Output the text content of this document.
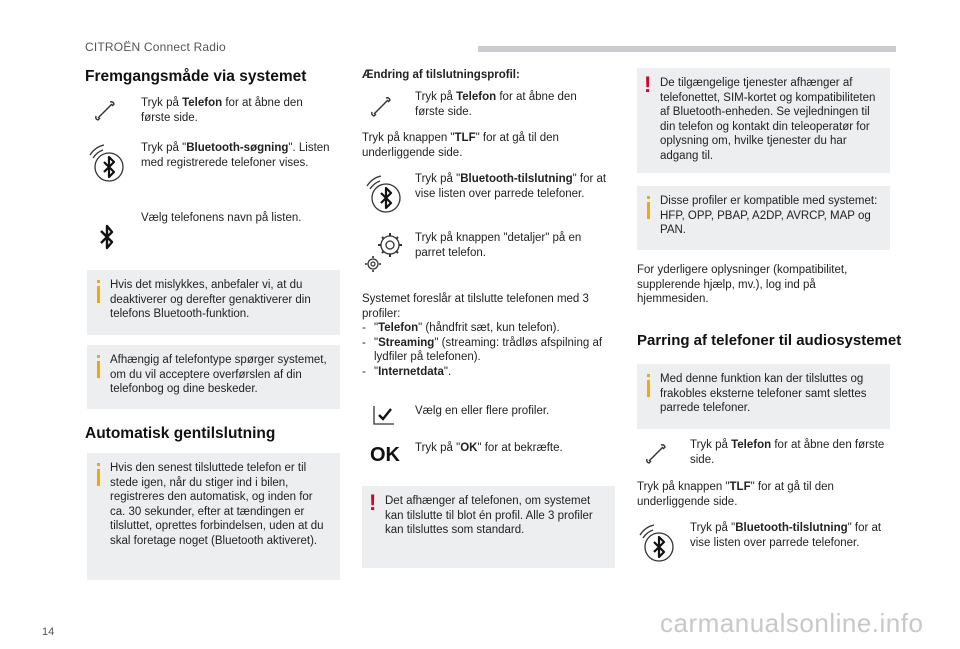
CITROËN Connect Radio
Fremgangsmåde via systemet
Tryk på Telefon for at åbne den første side.
Tryk på "Bluetooth-søgning". Listen med registrerede telefoner vises.
Vælg telefonens navn på listen.
Hvis det mislykkes, anbefaler vi, at du deaktiverer og derefter genaktiverer din telefons Bluetooth-funktion.
Afhængig af telefontype spørger systemet, om du vil acceptere overførslen af din telefonbog og dine beskeder.
Automatisk gentilslutning
Hvis den senest tilsluttede telefon er til stede igen, når du stiger ind i bilen, registreres den automatisk, og inden for ca. 30 sekunder, efter at tændingen er tilsluttet, oprettes forbindelsen, uden at du skal foretage noget (Bluetooth aktiveret).
Ændring af tilslutningsprofil:
Tryk på Telefon for at åbne den første side.
Tryk på knappen "TLF" for at gå til den underliggende side.
Tryk på "Bluetooth-tilslutning" for at vise listen over parrede telefoner.
Tryk på knappen "detaljer" på en parret telefon.
Systemet foreslår at tilslutte telefonen med 3 profiler:
- "Telefon" (håndfrit sæt, kun telefon).
- "Streaming" (streaming: trådløs afspilning af lydfiler på telefonen).
- "Internetdata".
Vælg en eller flere profiler.
OK Tryk på "OK" for at bekræfte.
! Det afhænger af telefonen, om systemet kan tilslutte til blot én profil. Alle 3 profiler kan tilsluttes som standard.
! De tilgængelige tjenester afhænger af telefonettet, SIM-kortet og kompatibiliteten af Bluetooth-enheden. Se vejledningen til din telefon og kontakt din teleoperatør for oplysning om, hvilke tjenester du har adgang til.
Disse profiler er kompatible med systemet: HFP, OPP, PBAP, A2DP, AVRCP, MAP og PAN.
For yderligere oplysninger (kompatibilitet, supplerende hjælp, mv.), log ind på hjemmesiden.
Parring af telefoner til audiosystemet
Med denne funktion kan der tilsluttes og frakobles eksterne telefoner samt slettes parrede telefoner.
Tryk på Telefon for at åbne den første side.
Tryk på knappen "TLF" for at gå til den underliggende side.
Tryk på "Bluetooth-tilslutning" for at vise listen over parrede telefoner.
14	carmanualsonline.info
